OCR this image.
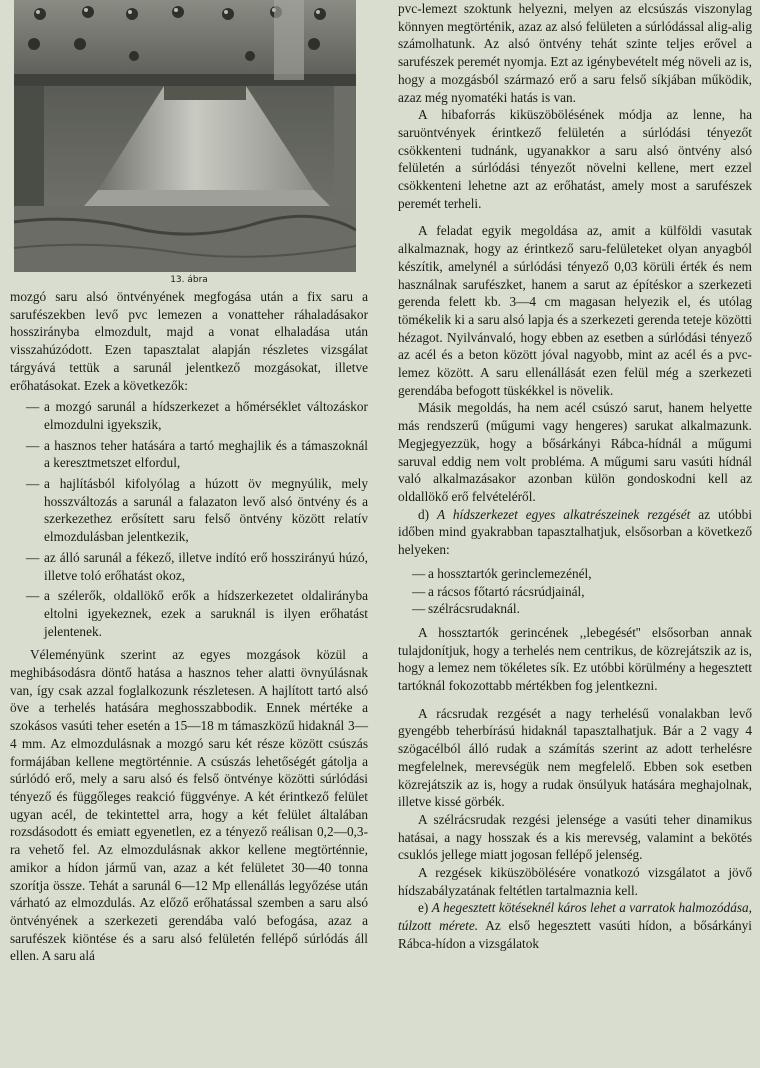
13. ábra

mozgó saru alsó öntvényének megfogása után a fix saru a sarufészekben levő pvc lemezen a vonatteher ráhaladásakor hosszirányba elmozdult, majd a vonat elhaladása után visszahúzódott. Ezen tapasztalat alapján részletes vizsgálat tárgyává tettük a sarunál jelentkező mozgásokat, illetve erőhatásokat. Ezek a következők:

— a mozgó sarunál a hídszerkezet a hőmérséklet változáskor elmozdulni igyekszik,
— a hasznos teher hatására a tartó meghajlik és a támaszoknál a keresztmetszet elfordul,
— a hajlításból kifolyólag a húzott öv megnyúlik, mely hosszváltozás a sarunál a falazaton levő alsó öntvény és a szerkezethez erősített saru felső öntvény között relatív elmozdulásban jelentkezik,
— az álló sarunál a fékező, illetve indító erő hosszirányú húzó, illetve toló erőhatást okoz,
— a szélerők, oldallökő erők a hídszerkezetet oldalirányba eltolni igyekeznek, ezek a saruknál is ilyen erőhatást jelentenek.

Véleményünk szerint az egyes mozgások közül a meghibásodásra döntő hatása a hasznos teher alatti övnyúlásnak van, így csak azzal foglalkozunk részletesen. A hajlított tartó alsó öve a terhelés hatására meghosszabbodik. Ennek mértéke a szokásos vasúti teher esetén a 15—18 m támaszközű hidaknál 3—4 mm. Az elmozdulásnak a mozgó saru két része között csúszás formájában kellene megtörténnie. A csúszás lehetőségét gátolja a súrlódó erő, mely a saru alsó és felső öntvénye közötti súrlódási tényező és függőleges reakció függvénye. A két érintkező felület ugyan acél, de tekintettel arra, hogy a két felület általában rozsdásodott és emiatt egyenetlen, ez a tényező reálisan 0,2—0,3-ra vehető fel. Az elmozdulásnak akkor kellene megtörténnie, amikor a hídon jármű van, azaz a két felületet 30—40 tonna szorítja össze. Tehát a sarunál 6—12 Mp ellenállás legyőzése után várható az elmozdulás. Az előző erőhatással szemben a saru alsó öntvényének a szerkezeti gerendába való befogása, azaz a sarufészek kiöntése és a saru alsó felületén fellépő súrlódás áll ellen. A saru alá

pvc-lemezt szoktunk helyezni, melyen az elcsúszás viszonylag könnyen megtörténik, azaz az alsó felületen a súrlódással alig-alig számolhatunk. Az alsó öntvény tehát szinte teljes erővel a sarufészek peremét nyomja. Ezt az igénybevételt még növeli az is, hogy a mozgásból származó erő a saru felső síkjában működik, azaz még nyomatéki hatás is van.

A hibaforrás kiküszöbölésének módja az lenne, ha saruöntvények érintkező felületén a súrlódási tényezőt csökkenteni tudnánk, ugyanakkor a saru alsó öntvény alsó felületén a súrlódási tényezőt növelni kellene, mert ezzel csökkenteni lehetne azt az erőhatást, amely most a sarufészek peremét terheli.

A feladat egyik megoldása az, amit a külföldi vasutak alkalmaznak, hogy az érintkező saru-felületeket olyan anyagból készítik, amelynél a súrlódási tényező 0,03 körüli érték és nem használnak sarufészket, hanem a sarut az építéskor a szerkezeti gerenda felett kb. 3—4 cm magasan helyezik el, és utólag tömékelik ki a saru alsó lapja és a szerkezeti gerenda teteje közötti hézagot. Nyilvánvaló, hogy ebben az esetben a súrlódási tényező az acél és a beton között jóval nagyobb, mint az acél és a pvc-lemez között. A saru ellenállását ezen felül még a szerkezeti gerendába befogott tüskékkel is növelik.

Másik megoldás, ha nem acél csúszó sarut, hanem helyette más rendszerű (műgumi vagy hengeres) sarukat alkalmazunk. Megjegyezzük, hogy a bősárkányi Rábca-hídnál a műgumi saruval eddig nem volt probléma. A műgumi saru vasúti hídnál való alkalmazásakor azonban külön gondoskodni kell az oldallökő erő felvételéről.

d) A hídszerkezet egyes alkatrészeinek rezgését az utóbbi időben mind gyakrabban tapasztalhatjuk, elsősorban a következő helyeken:

— a hossztartók gerinclemezénél,
— a rácsos főtartó rácsrúdjainál,
— szélrácsrudaknál.

A hossztartók gerincének ,,lebegését'' elsősorban annak tulajdonítjuk, hogy a terhelés nem centrikus, de közrejátszik az is, hogy a lemez nem tökéletes sík. Ez utóbbi körülmény a hegesztett tartóknál fokozottabb mértékben fog jelentkezni.

A rácsrudak rezgését a nagy terhelésű vonalakban levő gyengébb teherbírású hidaknál tapasztalhatjuk. Bár a 2 vagy 4 szögacélból álló rudak a számítás szerint az adott terhelésre megfelelnek, merevségük nem megfelelő. Ebben sok esetben közrejátszik az is, hogy a rudak önsúlyuk hatására meghajolnak, illetve kissé görbék.

A szélrácsrudak rezgési jelensége a vasúti teher dinamikus hatásai, a nagy hosszak és a kis merevség, valamint a bekötés csuklós jellege miatt jogosan fellépő jelenség.

A rezgések kiküszöbölésére vonatkozó vizsgálatot a jövő hídszabályzatának feltétlen tartalmaznia kell.

e) A hegesztett kötéseknél káros lehet a varratok halmozódása, túlzott mérete. Az első hegesztett vasúti hídon, a bősárkányi Rábca-hídon a vizsgálatok
